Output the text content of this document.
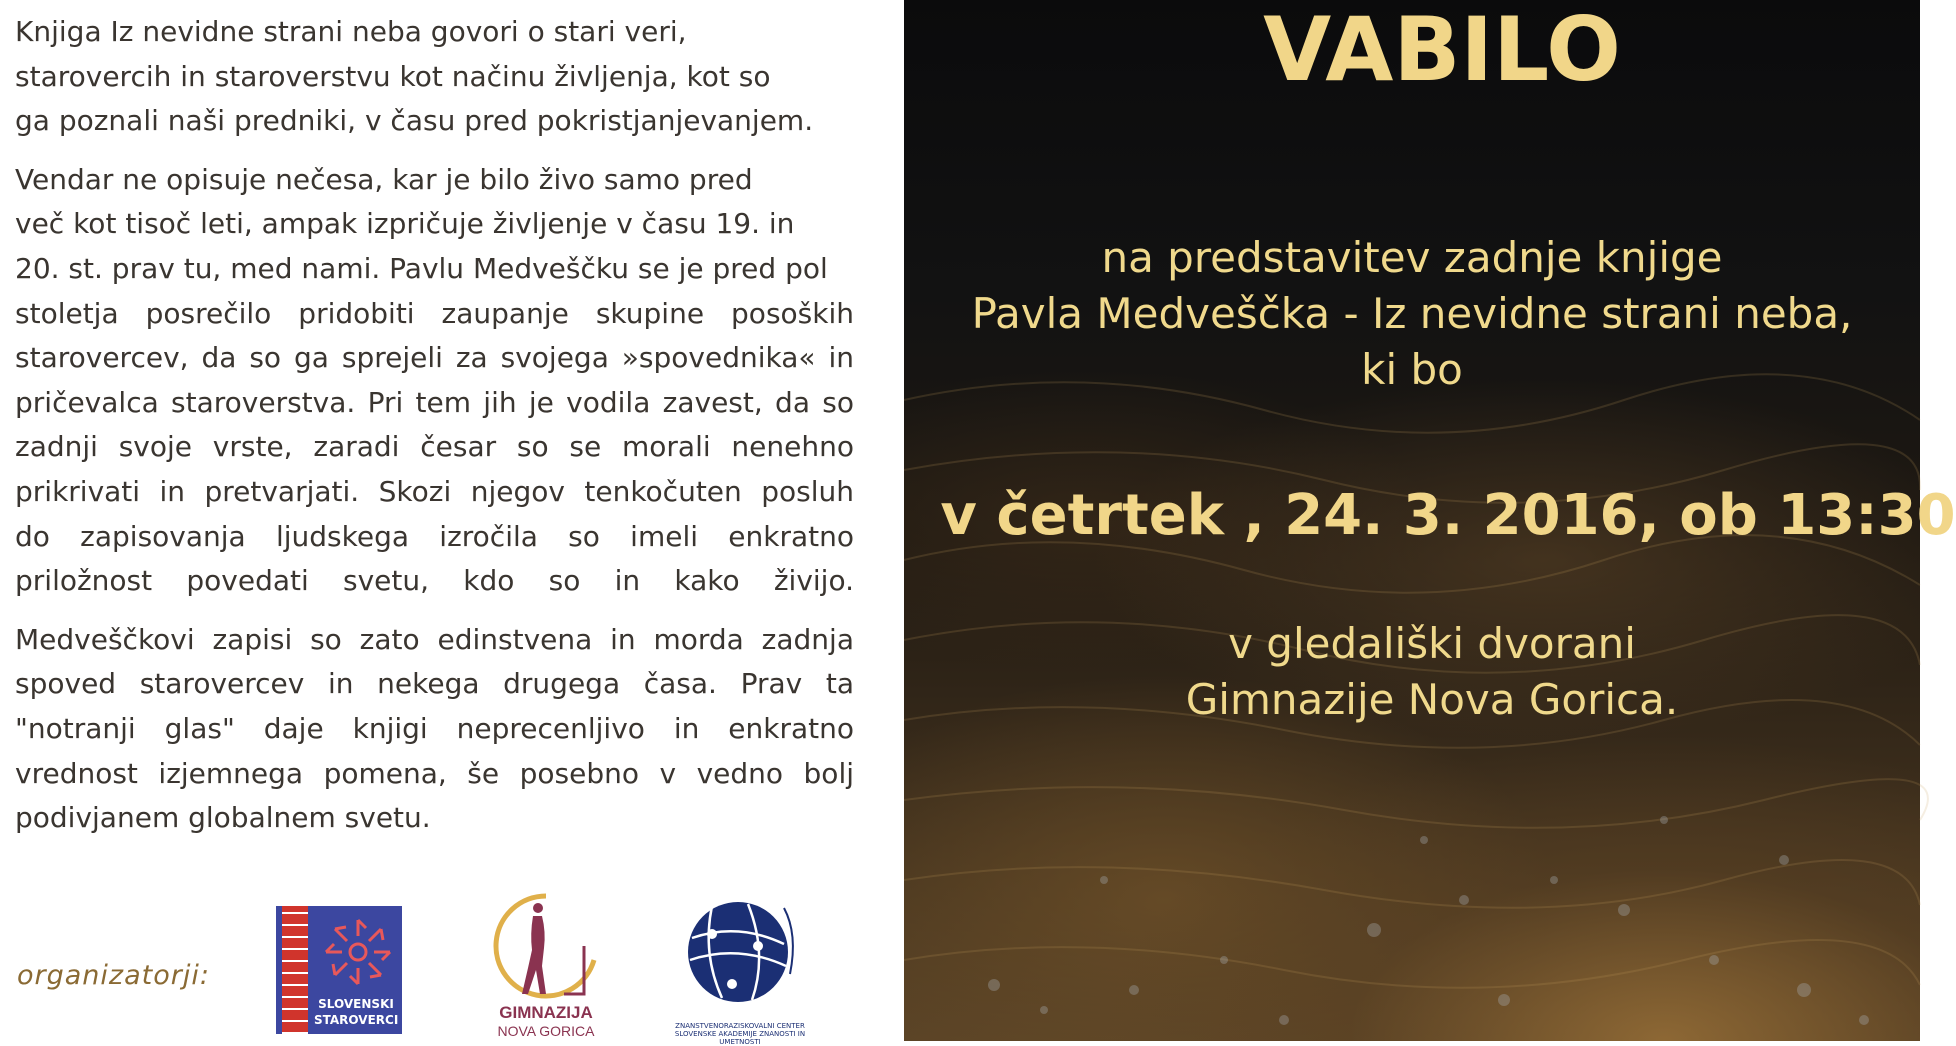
Knjiga Iz nevidne strani neba govori o stari veri,
starovercih in staroverstvu kot načinu življenja, kot so
ga poznali naši predniki, v času pred pokristjanjevanjem.
Vendar ne opisuje nečesa, kar je bilo živo samo pred
več kot tisoč leti, ampak izpričuje življenje v času 19. in
20. st. prav tu, med nami. Pavlu Medveščku se je pred pol
stoletja posrečilo pridobiti zaupanje skupine posoških
starovercev, da so ga sprejeli za svojega »spovednika« in
pričevalca staroverstva. Pri tem jih je vodila zavest, da so
zadnji svoje vrste, zaradi česar so se morali nenehno
prikrivati in pretvarjati. Skozi njegov tenkočuten posluh
do zapisovanja ljudskega izročila so imeli enkratno
priložnost povedati svetu, kdo so in kako živijo.
Medveščkovi zapisi so zato edinstvena in morda zadnja
spoved starovercev in nekega drugega časa. Prav ta
"notranji glas" daje knjigi neprecenljivo in enkratno
vrednost izjemnega pomena, še posebno v vedno bolj
podivjanem globalnem svetu.
organizatorji:
SLOVENSKI
STAROVERCI	GIMNAZIJA
NOVA GORICA	ZNANSTVENORAZISKOVALNI CENTER SLOVENSKE AKADEMIJE ZNANOSTI IN UMETNOSTI
VABILO
na predstavitev zadnje knjige
Pavla Medveščka - Iz nevidne strani neba,
ki bo
v četrtek , 24. 3. 2016, ob 13:30
v gledališki dvorani
Gimnazije Nova Gorica.
